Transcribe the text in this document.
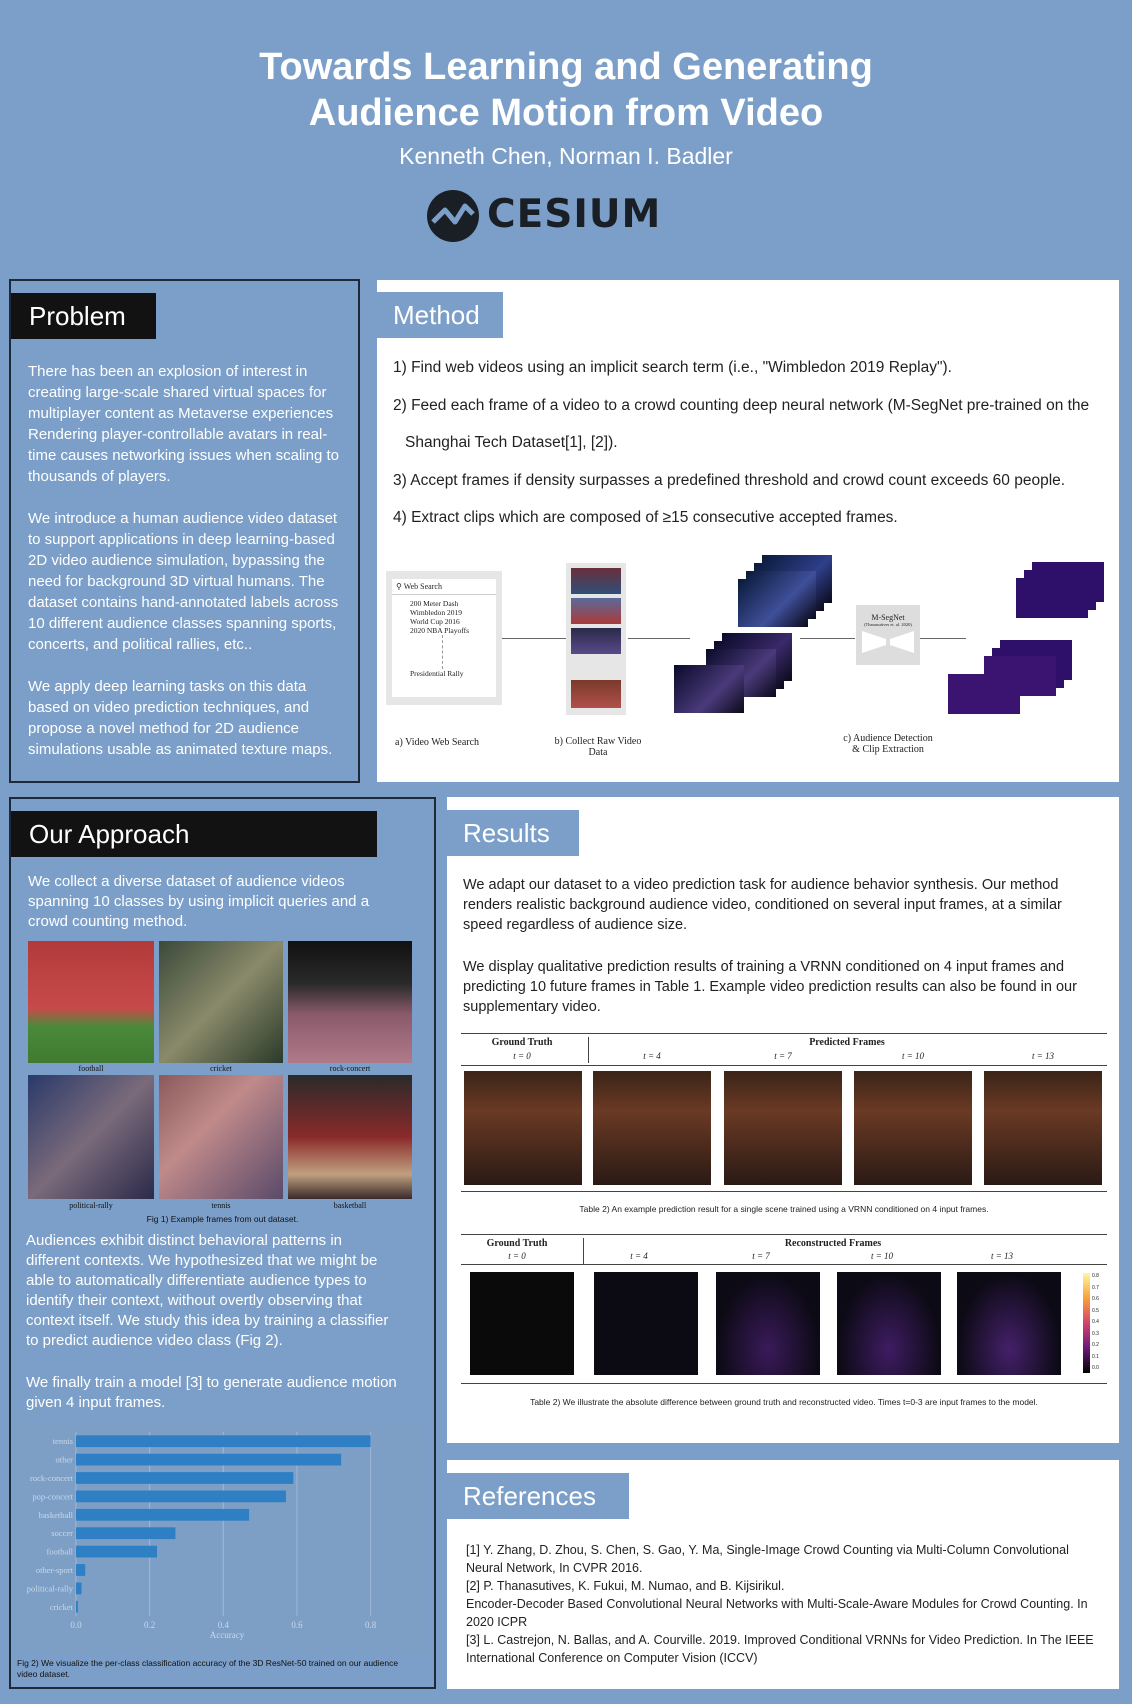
Towards Learning and Generating
Audience Motion from Video
Kenneth Chen, Norman I. Badler
CESIUM
Problem

There has been an explosion of interest in creating large-scale shared virtual spaces for multiplayer content as Metaverse experiences Rendering player-controllable avatars in real-time causes networking issues when scaling to thousands of players.

We introduce a human audience video dataset to support applications in deep learning-based 2D video audience simulation, bypassing the need for background 3D virtual humans. The dataset contains hand-annotated labels across 10 different audience classes spanning sports, concerts, and political rallies, etc..

We apply deep learning tasks on this data based on video prediction techniques, and propose a novel method for 2D audience simulations usable as animated texture maps.

Method
1) Find web videos using an implicit search term (i.e., "Wimbledon 2019 Replay").
2) Feed each frame of a video to a crowd counting deep neural network (M-SegNet pre-trained on the
Shanghai Tech Dataset[1], [2]).
3) Accept frames if density surpasses a predefined threshold and crowd count exceeds 60 people.
4) Extract clips which are composed of ≥15 consecutive accepted frames.
⚲ Web Search
200 Meter Dash
Wimbledon 2019
World Cup 2016
2020 NBA Playoffs
Presidential Rally
M-SegNet
(Thanasutives et. al. 2020)
a) Video Web Search	b) Collect Raw Video
Data
c) Audience Detection
& Clip Extraction
Our Approach
We collect a diverse dataset of audience videos spanning 10 classes by using implicit queries and a crowd counting method.
football	cricket	rock-concert
political-rally	tennis	basketball
Fig 1) Example frames from out dataset.
Audiences exhibit distinct behavioral patterns in different contexts. We hypothesized that we might be able to automatically differentiate audience types to identify their context, without overtly observing that context itself. We study this idea by training a classifier to predict audience video class (Fig 2).
We finally train a model [3] to generate audience motion given 4 input frames.
0.0	0.2	0.4	0.6	0.8
tennis
other
rock-concert
pop-concert
basketball
soccer
football
other-sport
political-rally
cricket
Accuracy
Fig 2) We visualize the per-class classification accuracy of the 3D ResNet-50 trained on our audience video dataset.
Results
We adapt our dataset to a video prediction task for audience behavior synthesis. Our method renders realistic background audience video, conditioned on several input frames, at a similar speed regardless of audience size.
We display qualitative prediction results of training a VRNN conditioned on 4 input frames and predicting 10 future frames in Table 1. Example video prediction results can also be found in our supplementary video.
Ground Truth	Predicted Frames
t = 0	t = 4	t = 7	t = 10	t = 13
Table 2) An example prediction result for a single scene trained using a VRNN conditioned on 4 input frames.
Ground Truth	Reconstructed Frames
t = 0	t = 4	t = 7	t = 10	t = 13
0.8
0.7
0.6
0.5
0.4
0.3
0.2
0.1
0.0
Table 2) We illustrate the absolute difference between ground truth and reconstructed video. Times t=0-3 are input frames to the model.
References

[1] Y. Zhang, D. Zhou, S. Chen, S. Gao, Y. Ma, Single-Image Crowd Counting via Multi-Column Convolutional Neural Network, In CVPR 2016.

[2] P. Thanasutives, K. Fukui, M. Numao, and B. Kijsirikul.

Encoder-Decoder Based Convolutional Neural Networks with Multi-Scale-Aware Modules for Crowd Counting. In 2020 ICPR

[3] L. Castrejon, N. Ballas, and A. Courville. 2019. Improved Conditional VRNNs for Video Prediction. In The IEEE International Conference on Computer Vision (ICCV)
